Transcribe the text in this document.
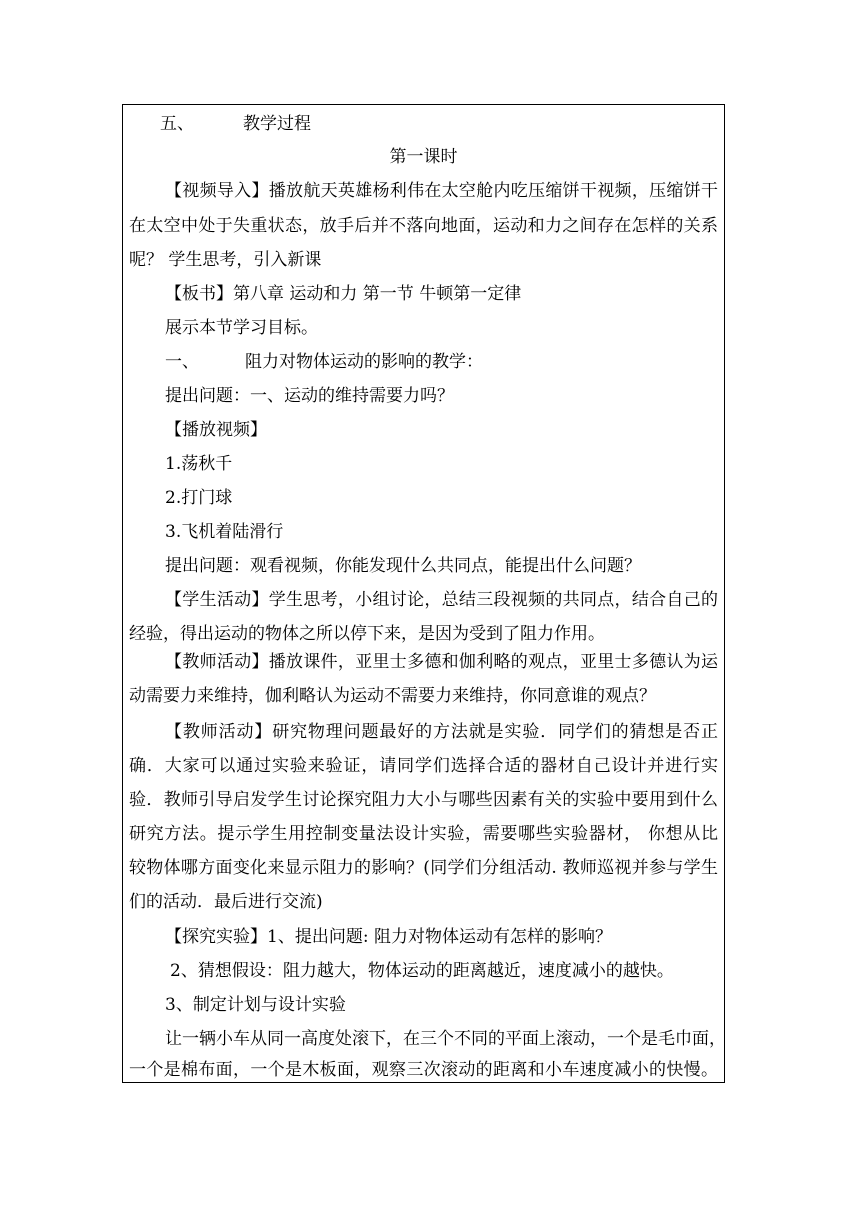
五、	教学过程
第一课时
【视频导入】播放航天英雄杨利伟在太空舱内吃压缩饼干视频，压缩饼干
在太空中处于失重状态，放手后并不落向地面，运动和力之间存在怎样的关系
呢？ 学生思考，引入新课
【板书】第八章 运动和力 第一节 牛顿第一定律
展示本节学习目标。
一、	阻力对物体运动的影响的教学：
提出问题：一、运动的维持需要力吗？
【播放视频】
1.荡秋千
2.打门球
3.飞机着陆滑行
提出问题：观看视频，你能发现什么共同点，能提出什么问题？
【学生活动】学生思考，小组讨论，总结三段视频的共同点，结合自己的
经验，得出运动的物体之所以停下来，是因为受到了阻力作用。
【教师活动】播放课件，亚里士多德和伽利略的观点，亚里士多德认为运
动需要力来维持，伽利略认为运动不需要力来维持，你同意谁的观点？
【教师活动】研究物理问题最好的方法就是实验．同学们的猜想是否正
确．大家可以通过实验来验证，请同学们选择合适的器材自己设计并进行实
验．教师引导启发学生讨论探究阻力大小与哪些因素有关的实验中要用到什么
研究方法。提示学生用控制变量法设计实验，需要哪些实验器材， 你想从比
较物体哪方面变化来显示阻力的影响？(同学们分组活动. 教师巡视并参与学生
们的活动．最后进行交流)
【探究实验】1、提出问题: 阻力对物体运动有怎样的影响？
2、猜想假设：阻力越大，物体运动的距离越近，速度减小的越快。
3、制定计划与设计实验
让一辆小车从同一高度处滚下，在三个不同的平面上滚动，一个是毛巾面，
一个是棉布面，一个是木板面，观察三次滚动的距离和小车速度减小的快慢。
